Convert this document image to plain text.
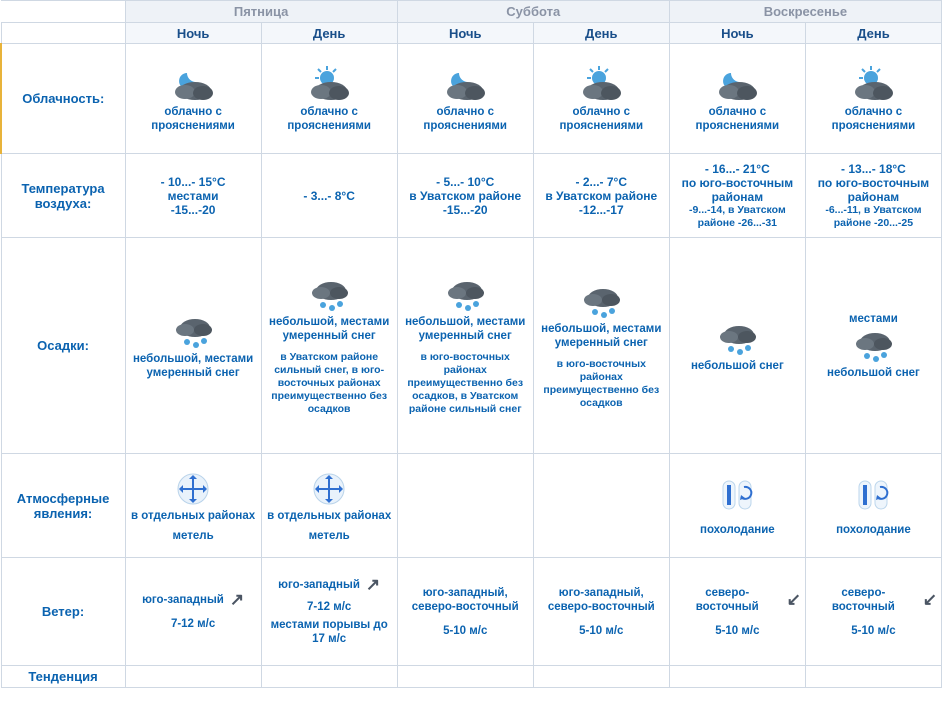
	Пятница		Суббота		Воскресенье	
	Ночь	День	Ночь	День	Ночь	День
Облачность:	облачно с прояснениями	облачно с прояснениями	облачно с прояснениями	облачно с прояснениями	облачно с прояснениями	облачно с прояснениями

Температура воздуха:	- 10...- 15°С
местами
-15...-20	- 3...- 8°С	- 5...- 10°С
в Уватском районе
-15...-20	- 2...- 7°С
в Уватском районе
-12...-17	- 16...- 21°С
по юго-восточным районам
-9...-14, в Уватском районе -26...-31	- 13...- 18°С
по юго-восточным районам
-6...-11, в Уватском районе -20...-25

Осадки:	небольшой, местами умеренный снег	небольшой, местами умеренный снег
в Уватском районе сильный снег, в юго-восточных районах преимущественно без осадков	небольшой, местами умеренный снег
в юго-восточных районах преимущественно без осадков, в Уватском районе сильный снег	небольшой, местами умеренный снег
в юго-восточных районах преимущественно без осадков	небольшой снег	местами
небольшой снег

Атмосферные явления:	в отдельных районах
метель	в отдельных районах
метель			похолодание	похолодание

Ветер:	юго-западный ↗
7-12 м/с	юго-западный ↗
7-12 м/с
местами порывы до 17 м/с	юго-западный, северо-восточный
5-10 м/с	юго-западный, северо-восточный
5-10 м/с	северо-восточный ↙
5-10 м/с	северо-восточный ↙
5-10 м/с

Тенденция						
